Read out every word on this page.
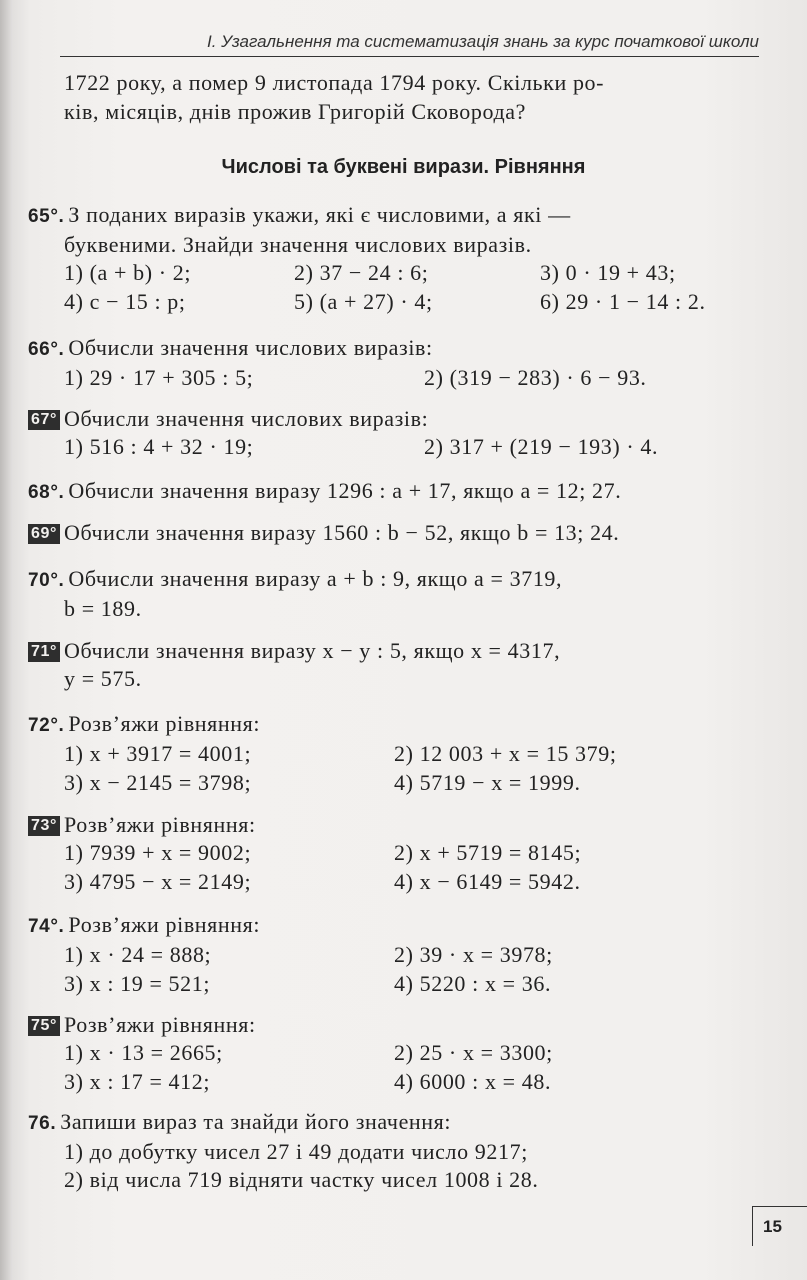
І. Узагальнення та систематизація знань за курс початкової школи
1722 року, а помер 9 листопада 1794 року. Скільки ро-
ків, місяців, днів прожив Григорій Сковорода?
Числові та буквені вирази. Рівняння
65°. З поданих виразів укажи, які є числовими, а які —
буквеними. Знайди значення числових виразів.
1) (a + b) · 2;	2) 37 − 24 : 6;	3) 0 · 19 + 43;
4) c − 15 : p;	5) (a + 27) · 4;	6) 29 · 1 − 14 : 2.
66°. Обчисли значення числових виразів:
1) 29 · 17 + 305 : 5;	2) (319 − 283) · 6 − 93.
67° Обчисли значення числових виразів:
1) 516 : 4 + 32 · 19;	2) 317 + (219 − 193) · 4.
68°. Обчисли значення виразу 1296 : a + 17, якщо a = 12; 27.
69° Обчисли значення виразу 1560 : b − 52, якщо b = 13; 24.
70°. Обчисли значення виразу a + b : 9, якщо a = 3719,
b = 189.
71° Обчисли значення виразу x − y : 5, якщо x = 4317,
y = 575.
72°. Розв’яжи рівняння:
1) x + 3917 = 4001;	2) 12 003 + x = 15 379;
3) x − 2145 = 3798;	4) 5719 − x = 1999.
73° Розв’яжи рівняння:
1) 7939 + x = 9002;	2) x + 5719 = 8145;
3) 4795 − x = 2149;	4) x − 6149 = 5942.
74°. Розв’яжи рівняння:
1) x · 24 = 888;	2) 39 · x = 3978;
3) x : 19 = 521;	4) 5220 : x = 36.
75° Розв’яжи рівняння:
1) x · 13 = 2665;	2) 25 · x = 3300;
3) x : 17 = 412;	4) 6000 : x = 48.
76. Запиши вираз та знайди його значення:
1) до добутку чисел 27 і 49 додати число 9217;
2) від числа 719 відняти частку чисел 1008 і 28.
15
